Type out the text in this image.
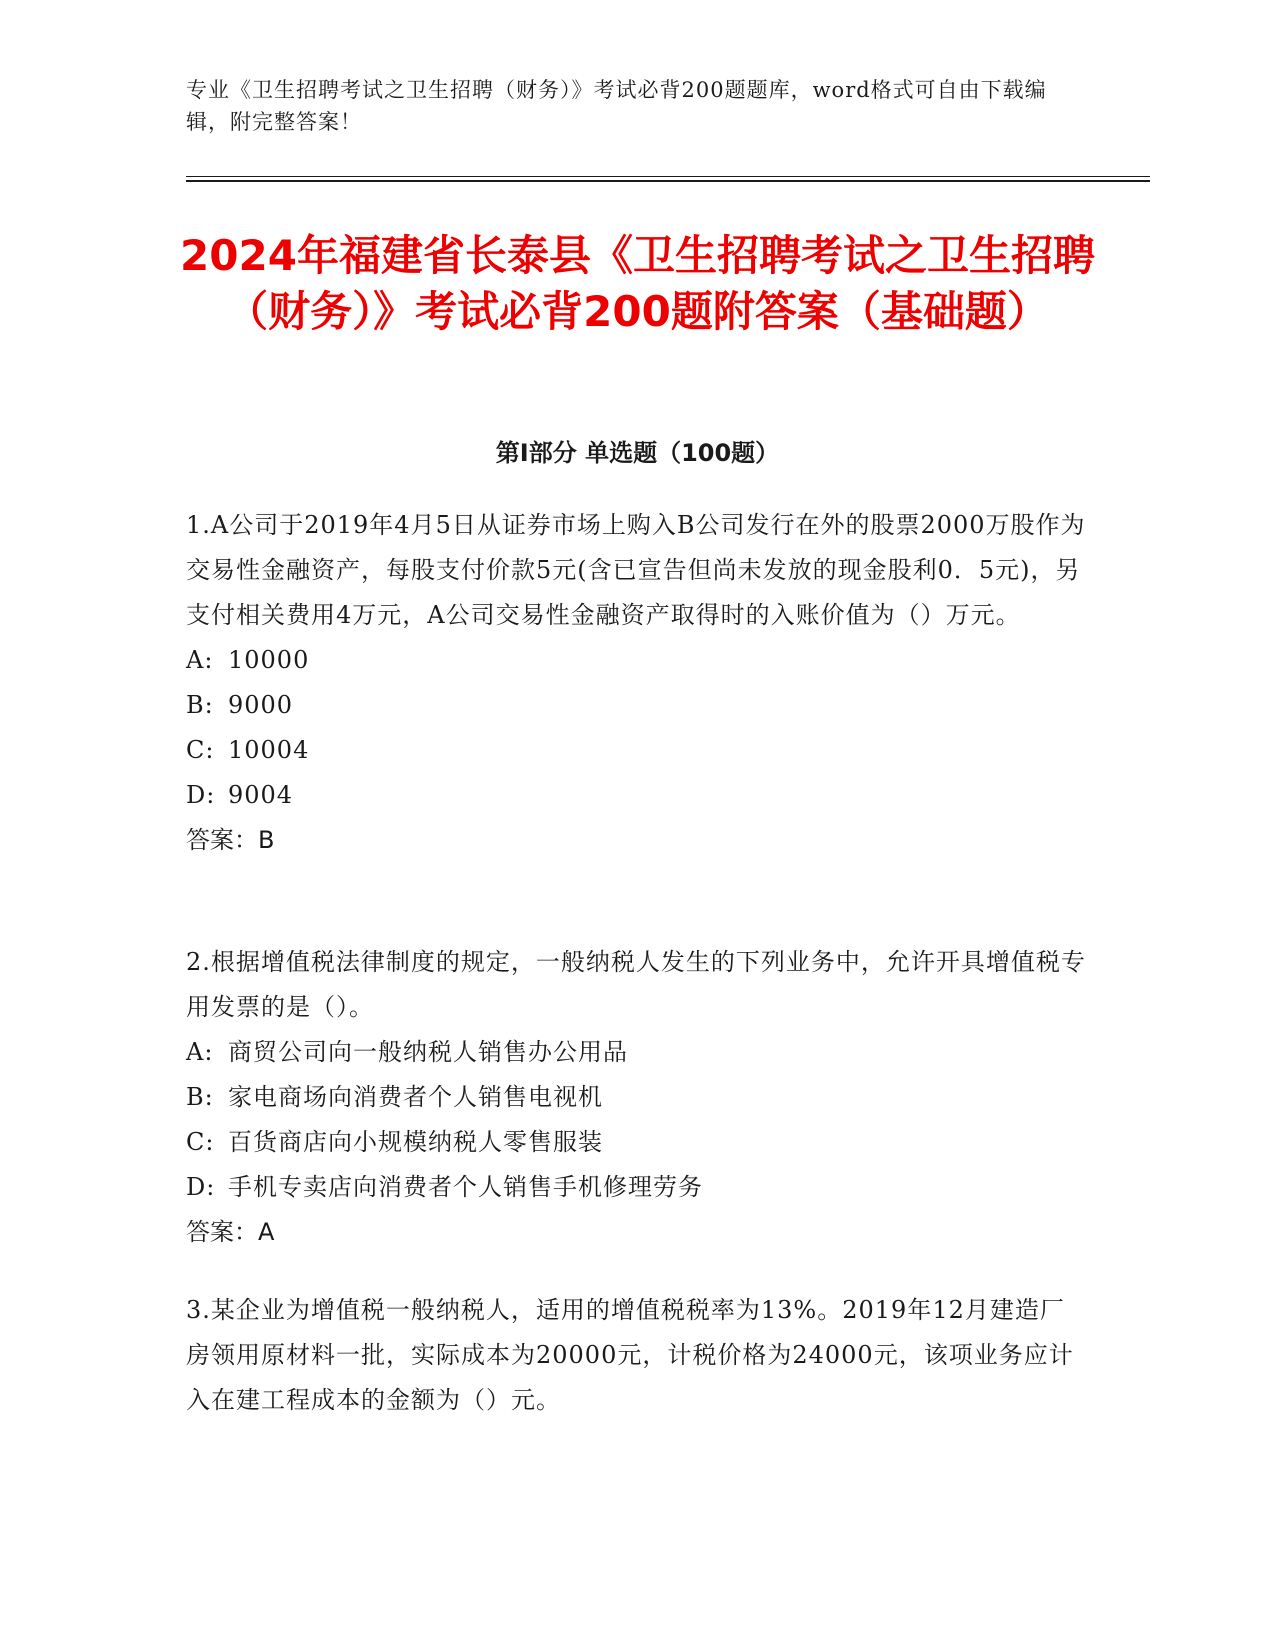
专业《卫生招聘考试之卫生招聘（财务）》考试必背200题题库，word格式可自由下载编辑，附完整答案！
2024年福建省长泰县《卫生招聘考试之卫生招聘（财务）》考试必背200题附答案（基础题）
第I部分 单选题（100题）

1.A公司于2019年4月5日从证券市场上购入B公司发行在外的股票2000万股作为交易性金融资产，每股支付价款5元(含已宣告但尚未发放的现金股利0．5元)，另支付相关费用4万元，A公司交易性金融资产取得时的入账价值为（）万元。

A: 10000
B: 9000
C: 10004
D: 9004

答案：B

2.根据增值税法律制度的规定，一般纳税人发生的下列业务中，允许开具增值税专用发票的是（）。

A: 商贸公司向一般纳税人销售办公用品
B: 家电商场向消费者个人销售电视机
C: 百货商店向小规模纳税人零售服装
D: 手机专卖店向消费者个人销售手机修理劳务

答案：A

3.某企业为增值税一般纳税人，适用的增值税税率为13%。2019年12月建造厂房领用原材料一批，实际成本为20000元，计税价格为24000元，该项业务应计入在建工程成本的金额为（）元。
